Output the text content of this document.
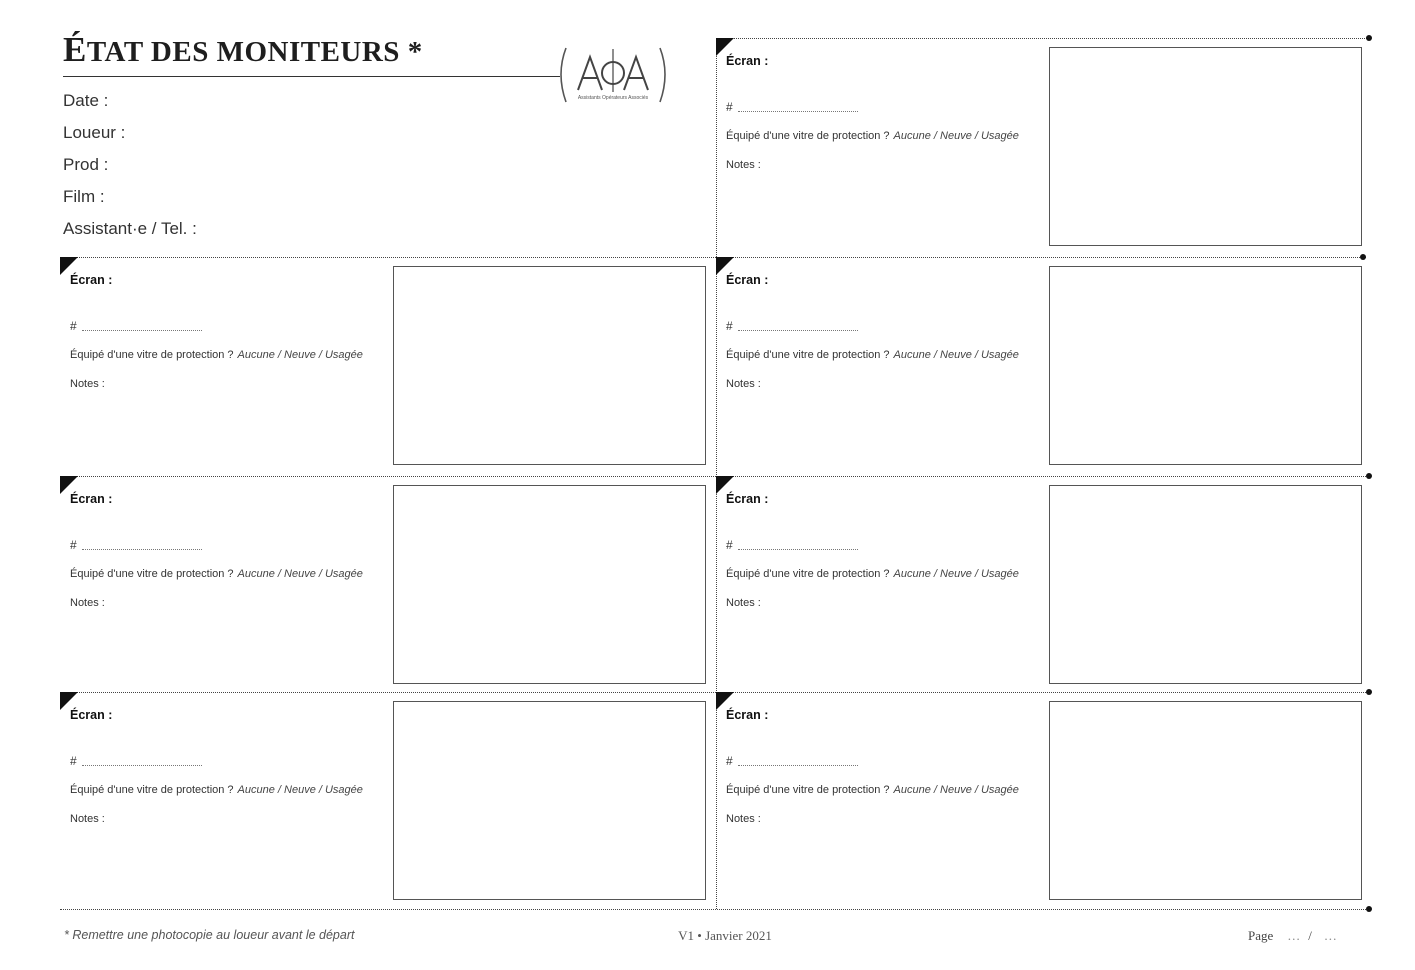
ÉTAT DES MONITEURS *
Date :
Loueur :
Prod :
Film :
Assistant·e / Tel. :
Assistants Opérateurs Associés
Écran :
#
Équipé d'une vitre de protection ? Aucune / Neuve / Usagée
Notes :
Écran :
#
Équipé d'une vitre de protection ? Aucune / Neuve / Usagée
Notes :
Écran :
#
Équipé d'une vitre de protection ? Aucune / Neuve / Usagée
Notes :
Écran :
#
Équipé d'une vitre de protection ? Aucune / Neuve / Usagée
Notes :
Écran :
#
Équipé d'une vitre de protection ? Aucune / Neuve / Usagée
Notes :
Écran :
#
Équipé d'une vitre de protection ? Aucune / Neuve / Usagée
Notes :
Écran :
#
Équipé d'une vitre de protection ? Aucune / Neuve / Usagée
Notes :
* Remettre une photocopie au loueur avant le départ	V1 • Janvier 2021	Page … / …
